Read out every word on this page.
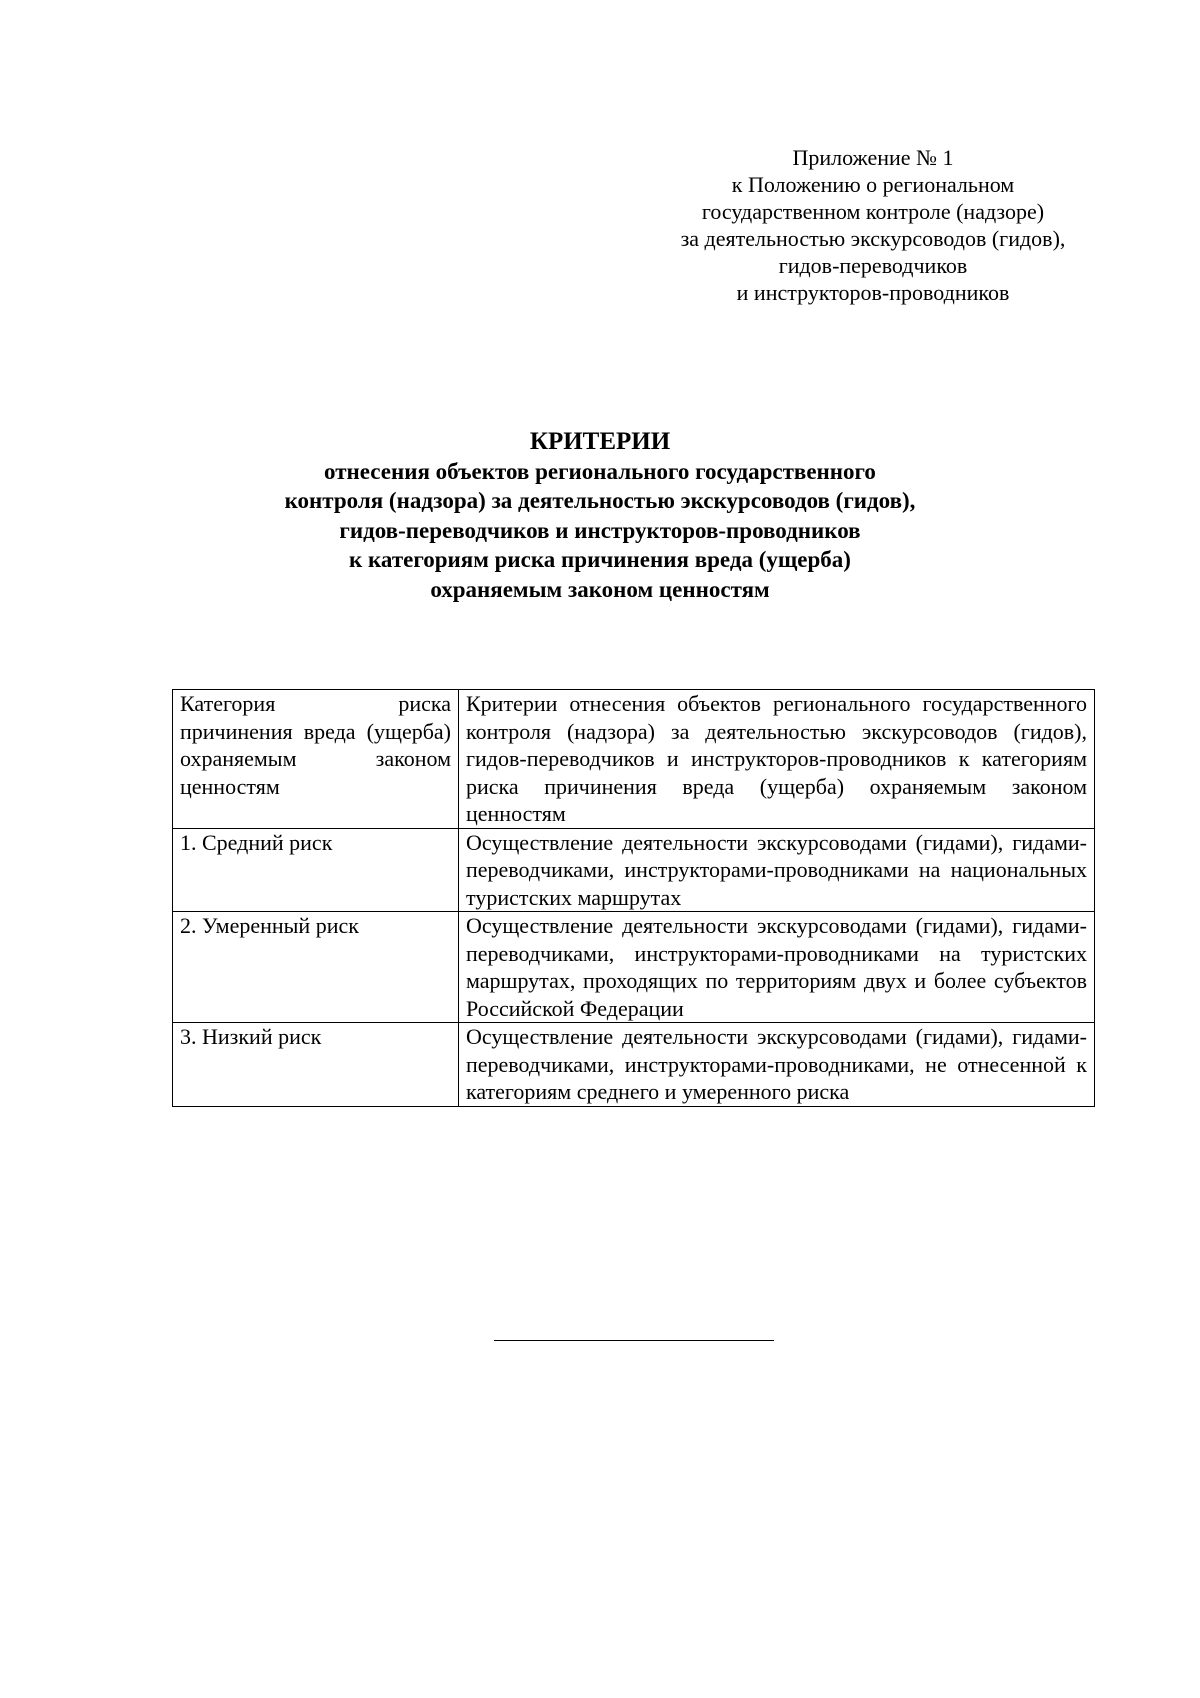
Приложение № 1
к Положению о региональном
государственном контроле (надзоре)
за деятельностью экскурсоводов (гидов),
гидов-переводчиков
и инструкторов-проводников
КРИТЕРИИ
отнесения объектов регионального государственного
контроля (надзора) за деятельностью экскурсоводов (гидов),
гидов-переводчиков и инструкторов-проводников
к категориям риска причинения вреда (ущерба)
охраняемым законом ценностям
Категория риска причинения вреда (ущерба) охраняемым законом ценностям	Критерии отнесения объектов регионального государственного контроля (надзора) за деятельностью экскурсоводов (гидов), гидов-переводчиков и инструкторов-проводников к категориям риска причинения вреда (ущерба) охраняемым законом ценностям
1. Средний риск	Осуществление деятельности экскурсоводами (гидами), гидами-переводчиками, инструкторами-проводниками на национальных туристских маршрутах
2. Умеренный риск	Осуществление деятельности экскурсоводами (гидами), гидами-переводчиками, инструкторами-проводниками на туристских маршрутах, проходящих по территориям двух и более субъектов Российской Федерации
3. Низкий риск	Осуществление деятельности экскурсоводами (гидами), гидами-переводчиками, инструкторами-проводниками, не отнесенной к категориям среднего и умеренного риска
